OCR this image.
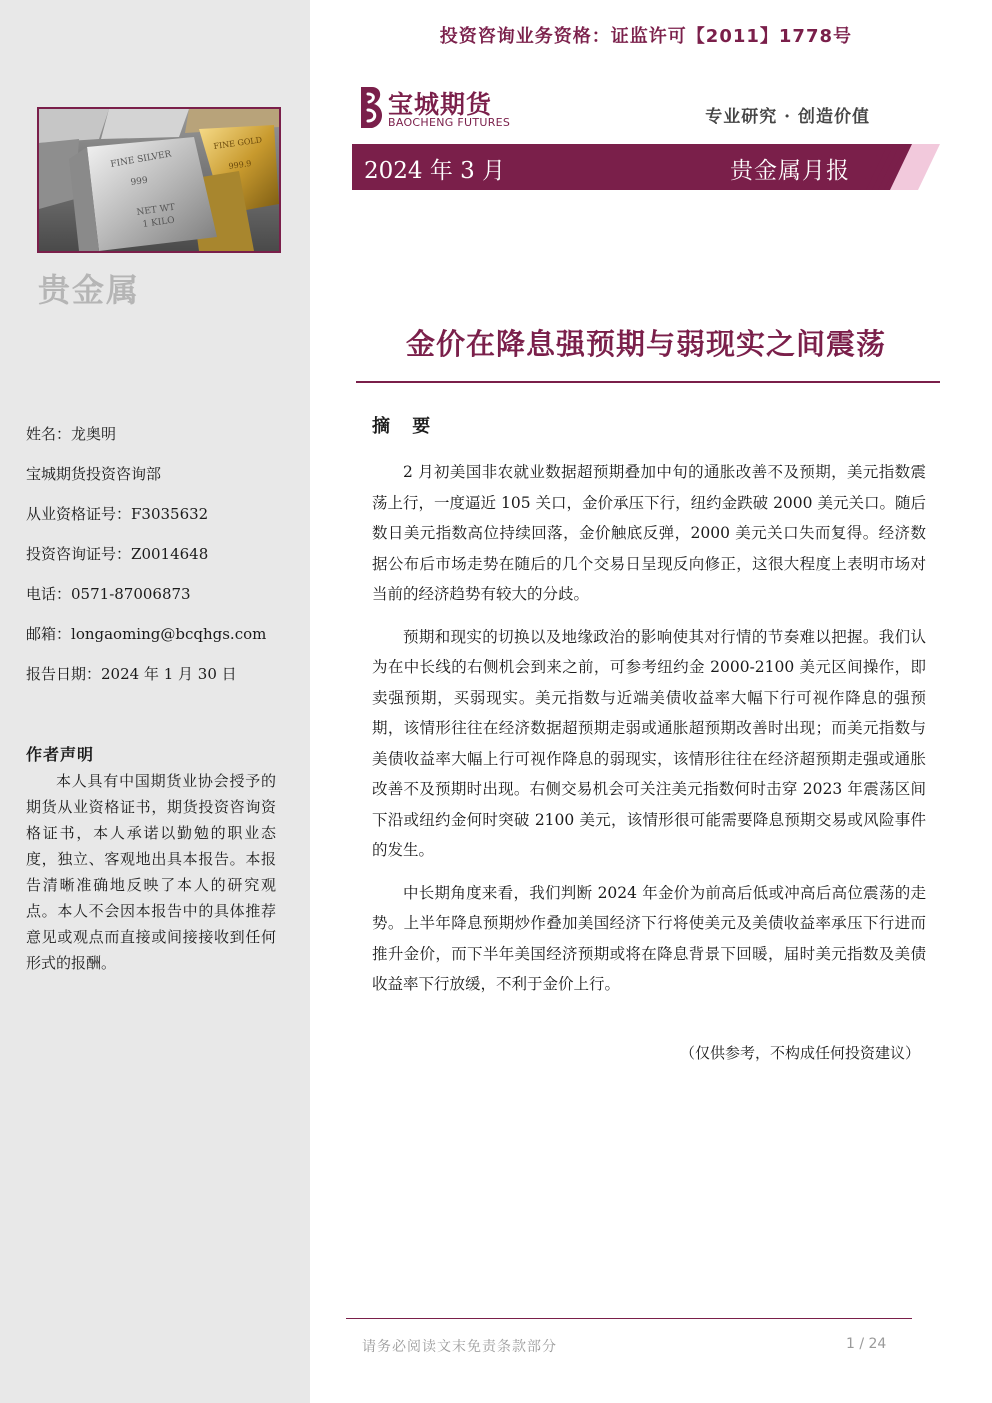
FINE SILVER
999
NET WT
1 KILO
FINE GOLD
999.9
贵金属
姓名：龙奥明
宝城期货投资咨询部
从业资格证号：F3035632
投资咨询证号：Z0014648
电话：0571-87006873
邮箱：longaoming@bcqhgs.com
报告日期：2024 年 1 月 30 日
作者声明
本人具有中国期货业协会授予的期货从业资格证书，期货投资咨询资格证书，本人承诺以勤勉的职业态度，独立、客观地出具本报告。本报告清晰准确地反映了本人的研究观点。本人不会因本报告中的具体推荐意见或观点而直接或间接接收到任何形式的报酬。
投资咨询业务资格：证监许可【2011】1778号
宝城期货
BAOCHENG FUTURES	专业研究 · 创造价值
2024 年 3 月	贵金属月报
金价在降息强预期与弱现实之间震荡
摘 要

2 月初美国非农就业数据超预期叠加中旬的通胀改善不及预期，美元指数震荡上行，一度逼近 105 关口，金价承压下行，纽约金跌破 2000 美元关口。随后数日美元指数高位持续回落，金价触底反弹，2000 美元关口失而复得。经济数据公布后市场走势在随后的几个交易日呈现反向修正，这很大程度上表明市场对当前的经济趋势有较大的分歧。

预期和现实的切换以及地缘政治的影响使其对行情的节奏难以把握。我们认为在中长线的右侧机会到来之前，可参考纽约金 2000-2100 美元区间操作，即卖强预期，买弱现实。美元指数与近端美债收益率大幅下行可视作降息的强预期，该情形往往在经济数据超预期走弱或通胀超预期改善时出现；而美元指数与美债收益率大幅上行可视作降息的弱现实，该情形往往在经济超预期走强或通胀改善不及预期时出现。右侧交易机会可关注美元指数何时击穿 2023 年震荡区间下沿或纽约金何时突破 2100 美元，该情形很可能需要降息预期交易或风险事件的发生。

中长期角度来看，我们判断 2024 年金价为前高后低或冲高后高位震荡的走势。上半年降息预期炒作叠加美国经济下行将使美元及美债收益率承压下行进而推升金价，而下半年美国经济预期或将在降息背景下回暖，届时美元指数及美债收益率下行放缓，不利于金价上行。

（仅供参考，不构成任何投资建议）
请务必阅读文末免责条款部分	1 / 24
